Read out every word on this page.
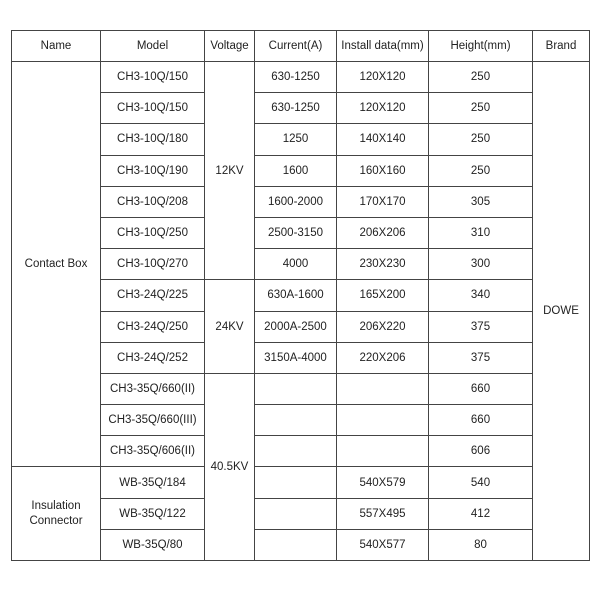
Name	Model	Voltage	Current(A)	Install data(mm)	Height(mm)	Brand
Contact Box	CH3-10Q/150	12KV	630-1250	120X120	250	DOWE
	CH3-10Q/150		630-1250	120X120	250	
	CH3-10Q/180		1250	140X140	250	
	CH3-10Q/190		1600	160X160	250	
	CH3-10Q/208		1600-2000	170X170	305	
	CH3-10Q/250		2500-3150	206X206	310	
	CH3-10Q/270		4000	230X230	300	
	CH3-24Q/225	24KV	630A-1600	165X200	340	
	CH3-24Q/250		2000A-2500	206X220	375	
	CH3-24Q/252		3150A-4000	220X206	375	
	CH3-35Q/660(II)	40.5KV			660	
	CH3-35Q/660(III)				660	
	CH3-35Q/606(II)				606	
Insulation Connector	WB-35Q/184			540X579	540	
	WB-35Q/122			557X495	412	
	WB-35Q/80			540X577	80	
